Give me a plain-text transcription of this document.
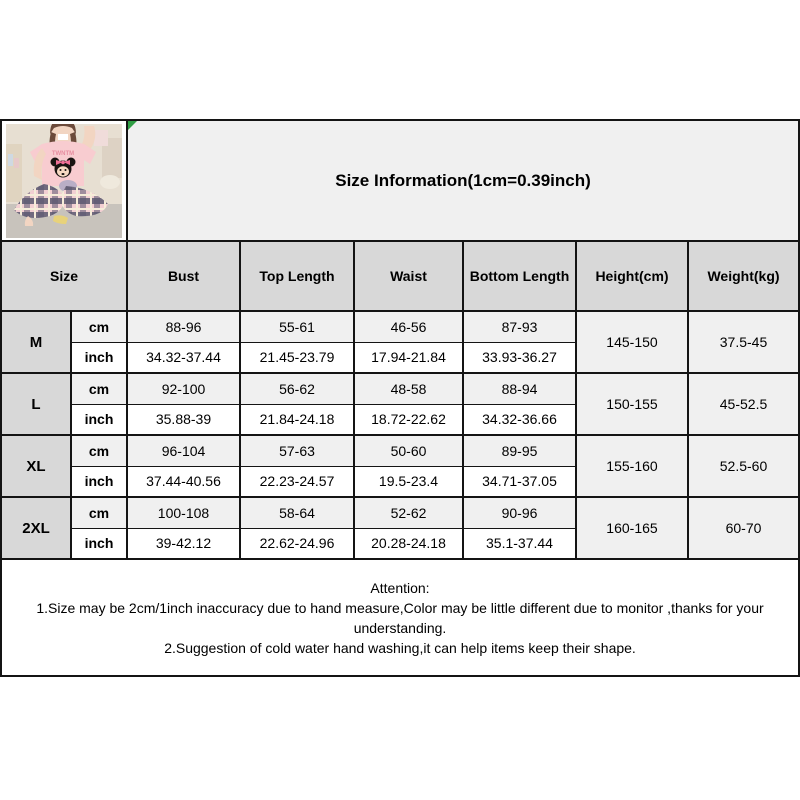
TWNTM		Size Information(1cm=0.39inch)					
Size		Bust	Top Length	Waist	Bottom Length	Height(cm)	Weight(kg)
M	cm	88-96	55-61	46-56	87-93	145-150	37.5-45
	inch	34.32-37.44	21.45-23.79	17.94-21.84	33.93-36.27		
L	cm	92-100	56-62	48-58	88-94	150-155	45-52.5
	inch	35.88-39	21.84-24.18	18.72-22.62	34.32-36.66		
XL	cm	96-104	57-63	50-60	89-95	155-160	52.5-60
	inch	37.44-40.56	22.23-24.57	19.5-23.4	34.71-37.05		
2XL	cm	100-108	58-64	52-62	90-96	160-165	60-70
	inch	39-42.12	22.62-24.96	20.28-24.18	35.1-37.44		

Attention:
1.Size may be 2cm/1inch inaccuracy due to hand measure,Color may be little different due to monitor ,thanks for your understanding.
2.Suggestion of cold water hand washing,it can help items keep their shape.							
